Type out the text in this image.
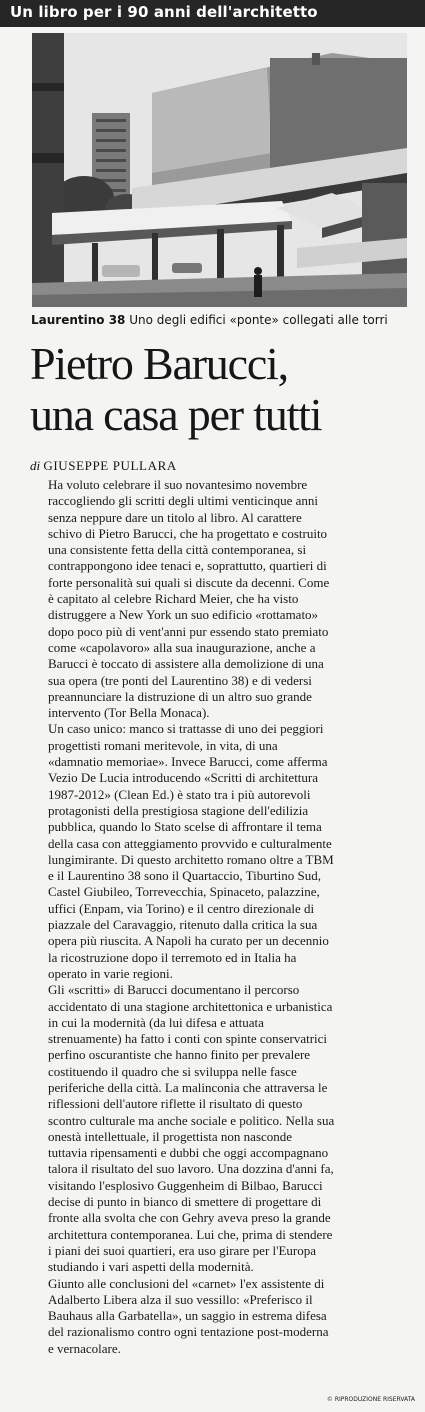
Un libro per i 90 anni dell'architetto
Laurentino 38 Uno degli edifici «ponte» collegati alle torri
Pietro Barucci,
una casa per tutti
di GIUSEPPE PULLARA
Ha voluto celebrare il suo novantesimo novembre
raccogliendo gli scritti degli ultimi venticinque anni
senza neppure dare un titolo al libro. Al carattere
schivo di Pietro Barucci, che ha progettato e costruito
una consistente fetta della città contemporanea, si
contrappongono idee tenaci e, soprattutto, quartieri di
forte personalità sui quali si discute da decenni. Come
è capitato al celebre Richard Meier, che ha visto
distruggere a New York un suo edificio «rottamato»
dopo poco più di vent'anni pur essendo stato premiato
come «capolavoro» alla sua inaugurazione, anche a
Barucci è toccato di assistere alla demolizione di una
sua opera (tre ponti del Laurentino 38) e di vedersi
preannunciare la distruzione di un altro suo grande
intervento (Tor Bella Monaca).
Un caso unico: manco si trattasse di uno dei peggiori
progettisti romani meritevole, in vita, di una
«damnatio memoriae». Invece Barucci, come afferma
Vezio De Lucia introducendo «Scritti di architettura
1987-2012» (Clean Ed.) è stato tra i più autorevoli
protagonisti della prestigiosa stagione dell'edilizia
pubblica, quando lo Stato scelse di affrontare il tema
della casa con atteggiamento provvido e culturalmente
lungimirante. Di questo architetto romano oltre a TBM
e il Laurentino 38 sono il Quartaccio, Tiburtino Sud,
Castel Giubileo, Torrevecchia, Spinaceto, palazzine,
uffici (Enpam, via Torino) e il centro direzionale di
piazzale del Caravaggio, ritenuto dalla critica la sua
opera più riuscita. A Napoli ha curato per un decennio
la ricostruzione dopo il terremoto ed in Italia ha
operato in varie regioni.
Gli «scritti» di Barucci documentano il percorso
accidentato di una stagione architettonica e urbanistica
in cui la modernità (da lui difesa e attuata
strenuamente) ha fatto i conti con spinte conservatrici
perfino oscurantiste che hanno finito per prevalere
costituendo il quadro che si sviluppa nelle fasce
periferiche della città. La malinconia che attraversa le
riflessioni dell'autore riflette il risultato di questo
scontro culturale ma anche sociale e politico. Nella sua
onestà intellettuale, il progettista non nasconde
tuttavia ripensamenti e dubbi che oggi accompagnano
talora il risultato del suo lavoro. Una dozzina d'anni fa,
visitando l'esplosivo Guggenheim di Bilbao, Barucci
decise di punto in bianco di smettere di progettare di
fronte alla svolta che con Gehry aveva preso la grande
architettura contemporanea. Lui che, prima di stendere
i piani dei suoi quartieri, era uso girare per l'Europa
studiando i vari aspetti della modernità.
Giunto alle conclusioni del «carnet» l'ex assistente di
Adalberto Libera alza il suo vessillo: «Preferisco il
Bauhaus alla Garbatella», un saggio in estrema difesa
del razionalismo contro ogni tentazione post-moderna
e vernacolare.
© RIPRODUZIONE RISERVATA
